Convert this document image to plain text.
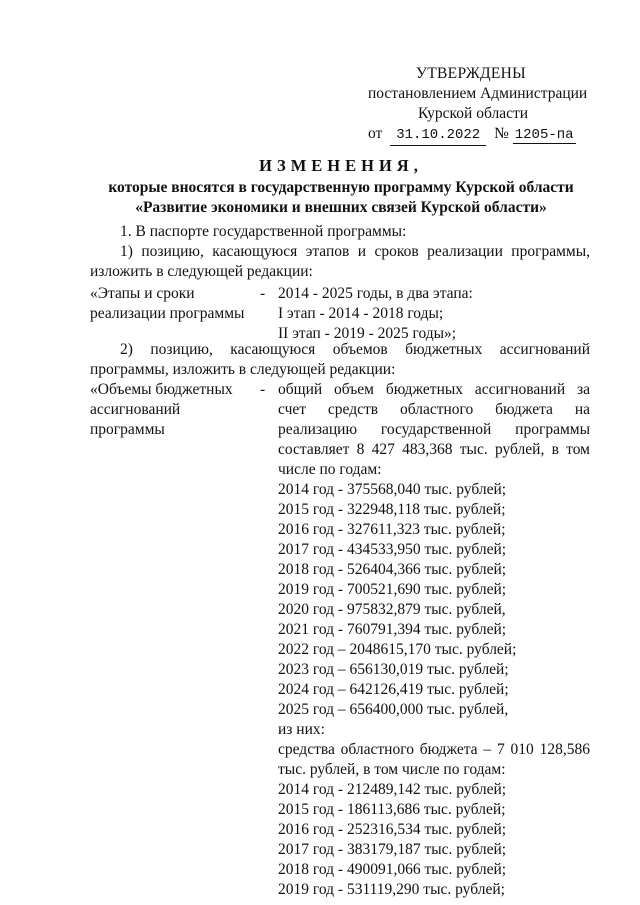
УТВЕРЖДЕНЫ
постановлением Администрации
Курской области
от 31.10.2022 № 1205-па
ИЗМЕНЕНИЯ,
которые вносятся в государственную программу Курской области
«Развитие экономики и внешних связей Курской области»
1. В паспорте государственной программы:
1) позицию, касающуюся этапов и сроков реализации программы, изложить в следующей редакции:
«Этапы и сроки
реализации программы
- 2014 - 2025 годы, в два этапа:
I этап - 2014 - 2018 годы;
II этап - 2019 - 2025 годы»;
2) позицию, касающуюся объемов бюджетных ассигнований программы, изложить в следующей редакции:
«Объемы бюджетных
ассигнований
программы
- общий объем бюджетных ассигнований за
счет средств областного бюджета на
реализацию государственной программы
составляет 8 427 483,368 тыс. рублей, в том
числе по годам:
2014 год - 375568,040 тыс. рублей;
2015 год - 322948,118 тыс. рублей;
2016 год - 327611,323 тыс. рублей;
2017 год - 434533,950 тыс. рублей;
2018 год - 526404,366 тыс. рублей;
2019 год - 700521,690 тыс. рублей;
2020 год - 975832,879 тыс. рублей,
2021 год - 760791,394 тыс. рублей;
2022 год – 2048615,170 тыс. рублей;
2023 год – 656130,019 тыс. рублей;
2024 год – 642126,419 тыс. рублей;
2025 год – 656400,000 тыс. рублей,
из них:
средства областного бюджета – 7 010 128,586
тыс. рублей, в том числе по годам:
2014 год - 212489,142 тыс. рублей;
2015 год - 186113,686 тыс. рублей;
2016 год - 252316,534 тыс. рублей;
2017 год - 383179,187 тыс. рублей;
2018 год - 490091,066 тыс. рублей;
2019 год - 531119,290 тыс. рублей;
